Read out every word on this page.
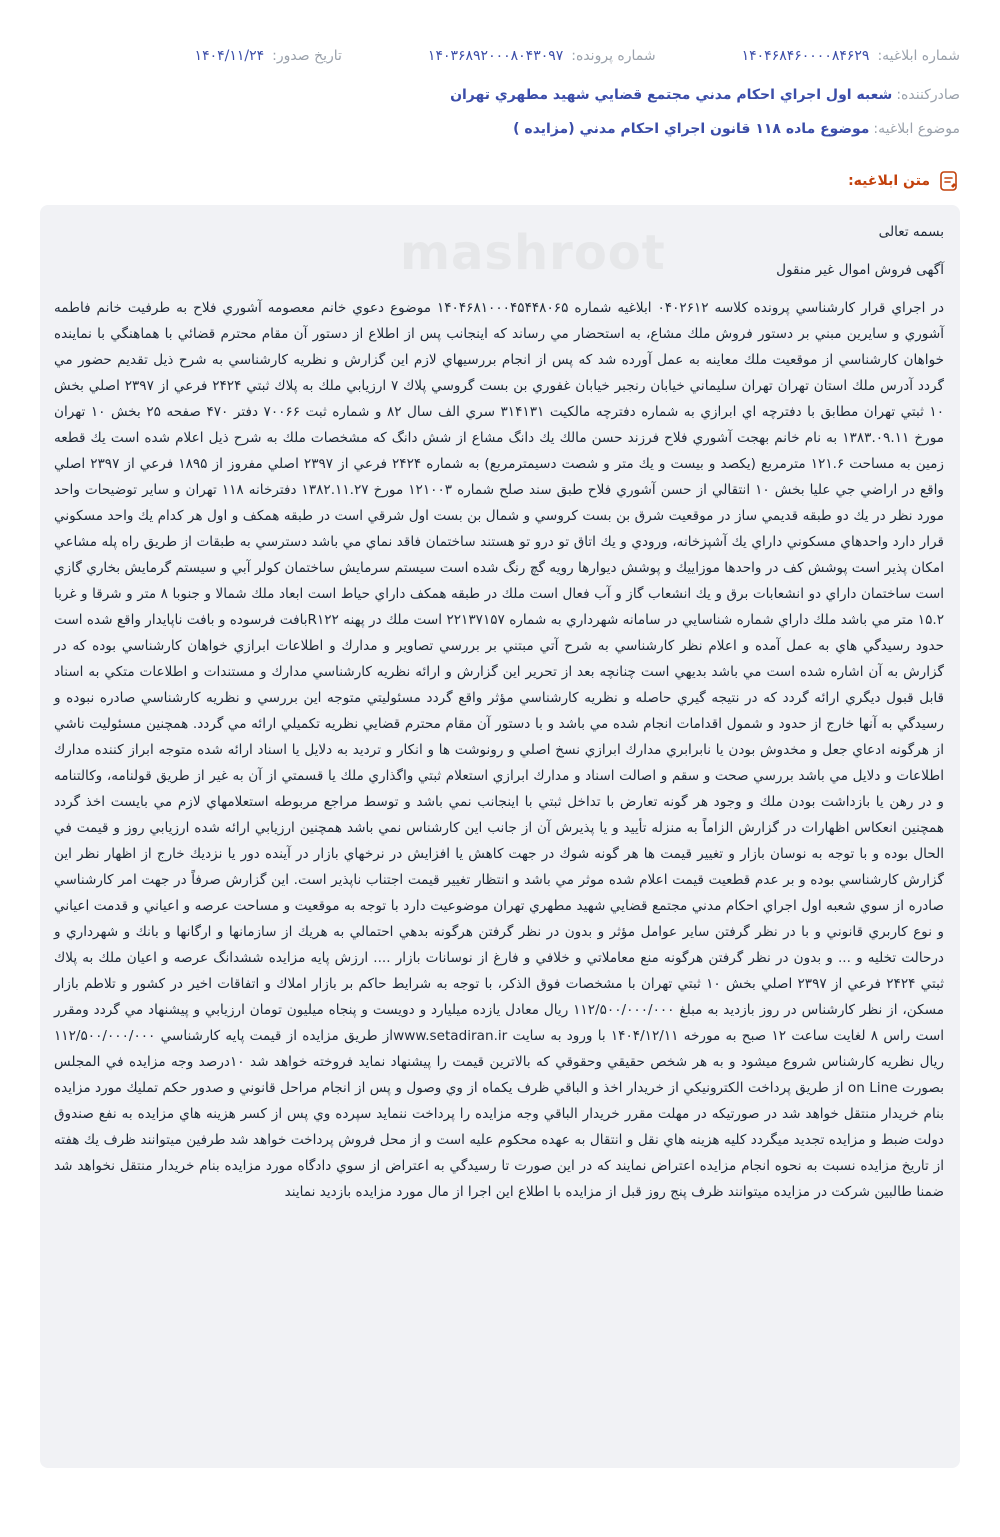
شماره ابلاغیه:
۱۴۰۴۶۸۴۶۰۰۰۰۸۴۶۲۹
شماره پرونده:
۱۴۰۳۶۸۹۲۰۰۰۸۰۴۳۰۹۷
تاریخ صدور:
۱۴۰۴/۱۱/۲۴
صادرکننده:
شعبه اول اجراي احکام مدني مجتمع قضايي شهيد مطهري تهران
موضوع ابلاغیه:
موضوع ماده ۱۱۸ قانون اجراي احكام مدني (مزايده )
متن ابلاغیه:
mashroot	بسمه تعالی

آگهی فروش اموال غیر منقول

در اجراي قرار كارشناسي پرونده كلاسه ۰۴۰۲۶۱۲ ابلاغيه شماره ۱۴۰۴۶۸۱۰۰۰۴۵۴۴۸۰۶۵ موضوع دعوي خانم معصومه آشوري فلاح به طرفيت خانم فاطمه آشوري و سايرين مبني بر دستور فروش ملك مشاع، به استحضار مي رساند كه اينجانب پس از اطلاع از دستور آن مقام محترم قضائي با هماهنگي با نماينده خواهان كارشناسي از موقعيت ملك معاينه به عمل آورده شد كه پس از انجام بررسيهاي لازم اين گزارش و نظريه كارشناسي به شرح ذيل تقديم حضور مي گردد آدرس ملك استان تهران تهران سليماني خيابان رنجبر خيابان غفوري بن بست گروسي پلاك ۷ ارزيابي ملك به پلاك ثبتي ۲۴۲۴ فرعي از ۲۳۹۷ اصلي بخش ۱۰ ثبتي تهران مطابق با دفترچه اي ابرازي به شماره دفترچه مالكيت ۳۱۴۱۳۱ سري الف سال ۸۲ و شماره ثبت ۷۰۰۶۶ دفتر ۴۷۰ صفحه ۲۵ بخش ۱۰ تهران مورخ ۱۳۸۳.۰۹.۱۱ به نام خانم بهجت آشوري فلاح فرزند حسن مالك يك دانگ مشاع از شش دانگ كه مشخصات ملك به شرح ذيل اعلام شده است يك قطعه زمين به مساحت ۱۲۱.۶ مترمربع (يكصد و بيست و يك متر و شصت دسيمترمربع) به شماره ۲۴۲۴ فرعي از ۲۳۹۷ اصلي مفروز از ۱۸۹۵ فرعي از ۲۳۹۷ اصلي واقع در اراضي جي عليا بخش ۱۰ انتقالي از حسن آشوري فلاح طبق سند صلح شماره ۱۲۱۰۰۳ مورخ ۱۳۸۲.۱۱.۲۷ دفترخانه ۱۱۸ تهران و ساير توضيحات واحد مورد نظر در يك دو طبقه قديمي ساز در موقعيت شرق بن بست كروسي و شمال بن بست اول شرقي است در طبقه همكف و اول هر كدام يك واحد مسكوني قرار دارد واحدهاي مسكوني داراي يك آشپزخانه، ورودي و يك اتاق تو درو تو هستند ساختمان فاقد نماي مي باشد دسترسي به طبقات از طريق راه پله مشاعي امكان پذير است پوشش كف در واحدها موزاييك و پوشش ديوارها رويه گچ رنگ شده است سيستم سرمايش ساختمان كولر آبي و سيستم گرمايش بخاري گازي است ساختمان داراي دو انشعابات برق و يك انشعاب گاز و آب فعال است ملك در طبقه همكف داراي حياط است ابعاد ملك شمالا و جنوبا ۸ متر و شرقا و غربا ۱۵.۲ متر مي باشد ملك داراي شماره شناسايي در سامانه شهرداري به شماره ۲۲۱۳۷۱۵۷ است ملك در پهنه R۱۲۲بافت فرسوده و بافت ناپايدار واقع شده است حدود رسيدگي هاي به عمل آمده و اعلام نظر كارشناسي به شرح آتي مبتني بر بررسي تصاوير و مدارك و اطلاعات ابرازي خواهان كارشناسي بوده كه در گزارش به آن اشاره شده است مي باشد بديهي است چنانچه بعد از تحرير اين گزارش و ارائه نظريه كارشناسي مدارك و مستندات و اطلاعات متكي به اسناد قابل قبول ديگري ارائه گردد كه در نتيجه گيري حاصله و نظريه كارشناسي مؤثر واقع گردد مسئوليتي متوجه اين بررسي و نظريه كارشناسي صادره نبوده و رسيدگي به آنها خارج از حدود و شمول اقدامات انجام شده مي باشد و با دستور آن مقام محترم قضايي نظريه تكميلي ارائه مي گردد. همچنين مسئوليت ناشي از هرگونه ادعاي جعل و مخدوش بودن يا نابرابري مدارك ابرازي نسخ اصلي و رونوشت ها و انكار و ترديد به دلايل يا اسناد ارائه شده متوجه ابراز كننده مدارك اطلاعات و دلايل مي باشد بررسي صحت و سقم و اصالت اسناد و مدارك ابرازي استعلام ثبتي واگذاري ملك يا قسمتي از آن به غير از طريق قولنامه، وكالتنامه و در رهن يا بازداشت بودن ملك و وجود هر گونه تعارض با تداخل ثبتي با اينجانب نمي باشد و توسط مراجع مربوطه استعلامهاي لازم مي بايست اخذ گردد همچنين انعكاس اظهارات در گزارش الزاماً به منزله تأييد و يا پذيرش آن از جانب اين كارشناس نمي باشد همچنين ارزيابي ارائه شده ارزيابي روز و قيمت في الحال بوده و با توجه به نوسان بازار و تغيير قيمت ها هر گونه شوك در جهت كاهش يا افزايش در نرخهاي بازار در آينده دور يا نزديك خارج از اظهار نظر اين گزارش كارشناسي بوده و بر عدم قطعيت قيمت اعلام شده موثر مي باشد و انتظار تغيير قيمت اجتناب ناپذير است. اين گزارش صرفاً در جهت امر كارشناسي صادره از سوي شعبه اول اجراي احكام مدني مجتمع قضايي شهيد مطهري تهران موضوعيت دارد با توجه به موقعيت و مساحت عرصه و اعياني و قدمت اعياني و نوع كاربري قانوني و با در نظر گرفتن ساير عوامل مؤثر و بدون در نظر گرفتن هرگونه بدهي احتمالي به هريك از سازمانها و ارگانها و بانك و شهرداري و درحالت تخليه و ... و بدون در نظر گرفتن هرگونه منع معاملاتي و خلافي و فارغ از نوسانات بازار .... ارزش پايه مزايده ششدانگ عرصه و اعيان ملك به پلاك ثبتي ۲۴۲۴ فرعي از ۲۳۹۷ اصلي بخش ۱۰ ثبتي تهران با مشخصات فوق الذكر، با توجه به شرايط حاكم بر بازار املاك و اتفاقات اخير در كشور و تلاطم بازار مسكن، از نظر كارشناس در روز بازديد به مبلغ ۱۱۲/۵۰۰/۰۰۰/۰۰۰ ريال معادل يازده ميليارد و دويست و پنجاه ميليون تومان ارزيابي و پيشنهاد مي گردد ومقرر است راس ۸ لغايت ساعت ۱۲ صبح به مورخه ۱۴۰۴/۱۲/۱۱ با ورود به سايت www.setadiran.irاز طريق مزايده از قيمت پايه كارشناسي ۱۱۲/۵۰۰/۰۰۰/۰۰۰ ريال نظريه كارشناس شروع ميشود و به هر شخص حقيقي وحقوقي كه بالاترين قيمت را پيشنهاد نمايد فروخته خواهد شد ۱۰درصد وجه مزايده في المجلس بصورت on Line از طريق پرداخت الكترونيكي از خريدار اخذ و الباقي ظرف يكماه از وي وصول و پس از انجام مراحل قانوني و صدور حكم تمليك مورد مزايده بنام خريدار منتقل خواهد شد در صورتيكه در مهلت مقرر خريدار الباقي وجه مزايده را پرداخت ننمايد سپرده وي پس از كسر هزينه هاي مزايده به نفع صندوق دولت ضبط و مزايده تجديد ميگردد كليه هزينه هاي نقل و انتقال به عهده محكوم عليه است و از محل فروش پرداخت خواهد شد طرفين ميتوانند ظرف يك هفته از تاريخ مزايده نسبت به نحوه انجام مزايده اعتراض نمايند كه در اين صورت تا رسيدگي به اعتراض از سوي دادگاه مورد مزايده بنام خريدار منتقل نخواهد شد ضمنا طالبين شركت در مزايده ميتوانند ظرف پنج روز قبل از مزايده با اطلاع اين اجرا از مال مورد مزايده بازديد نمايند
